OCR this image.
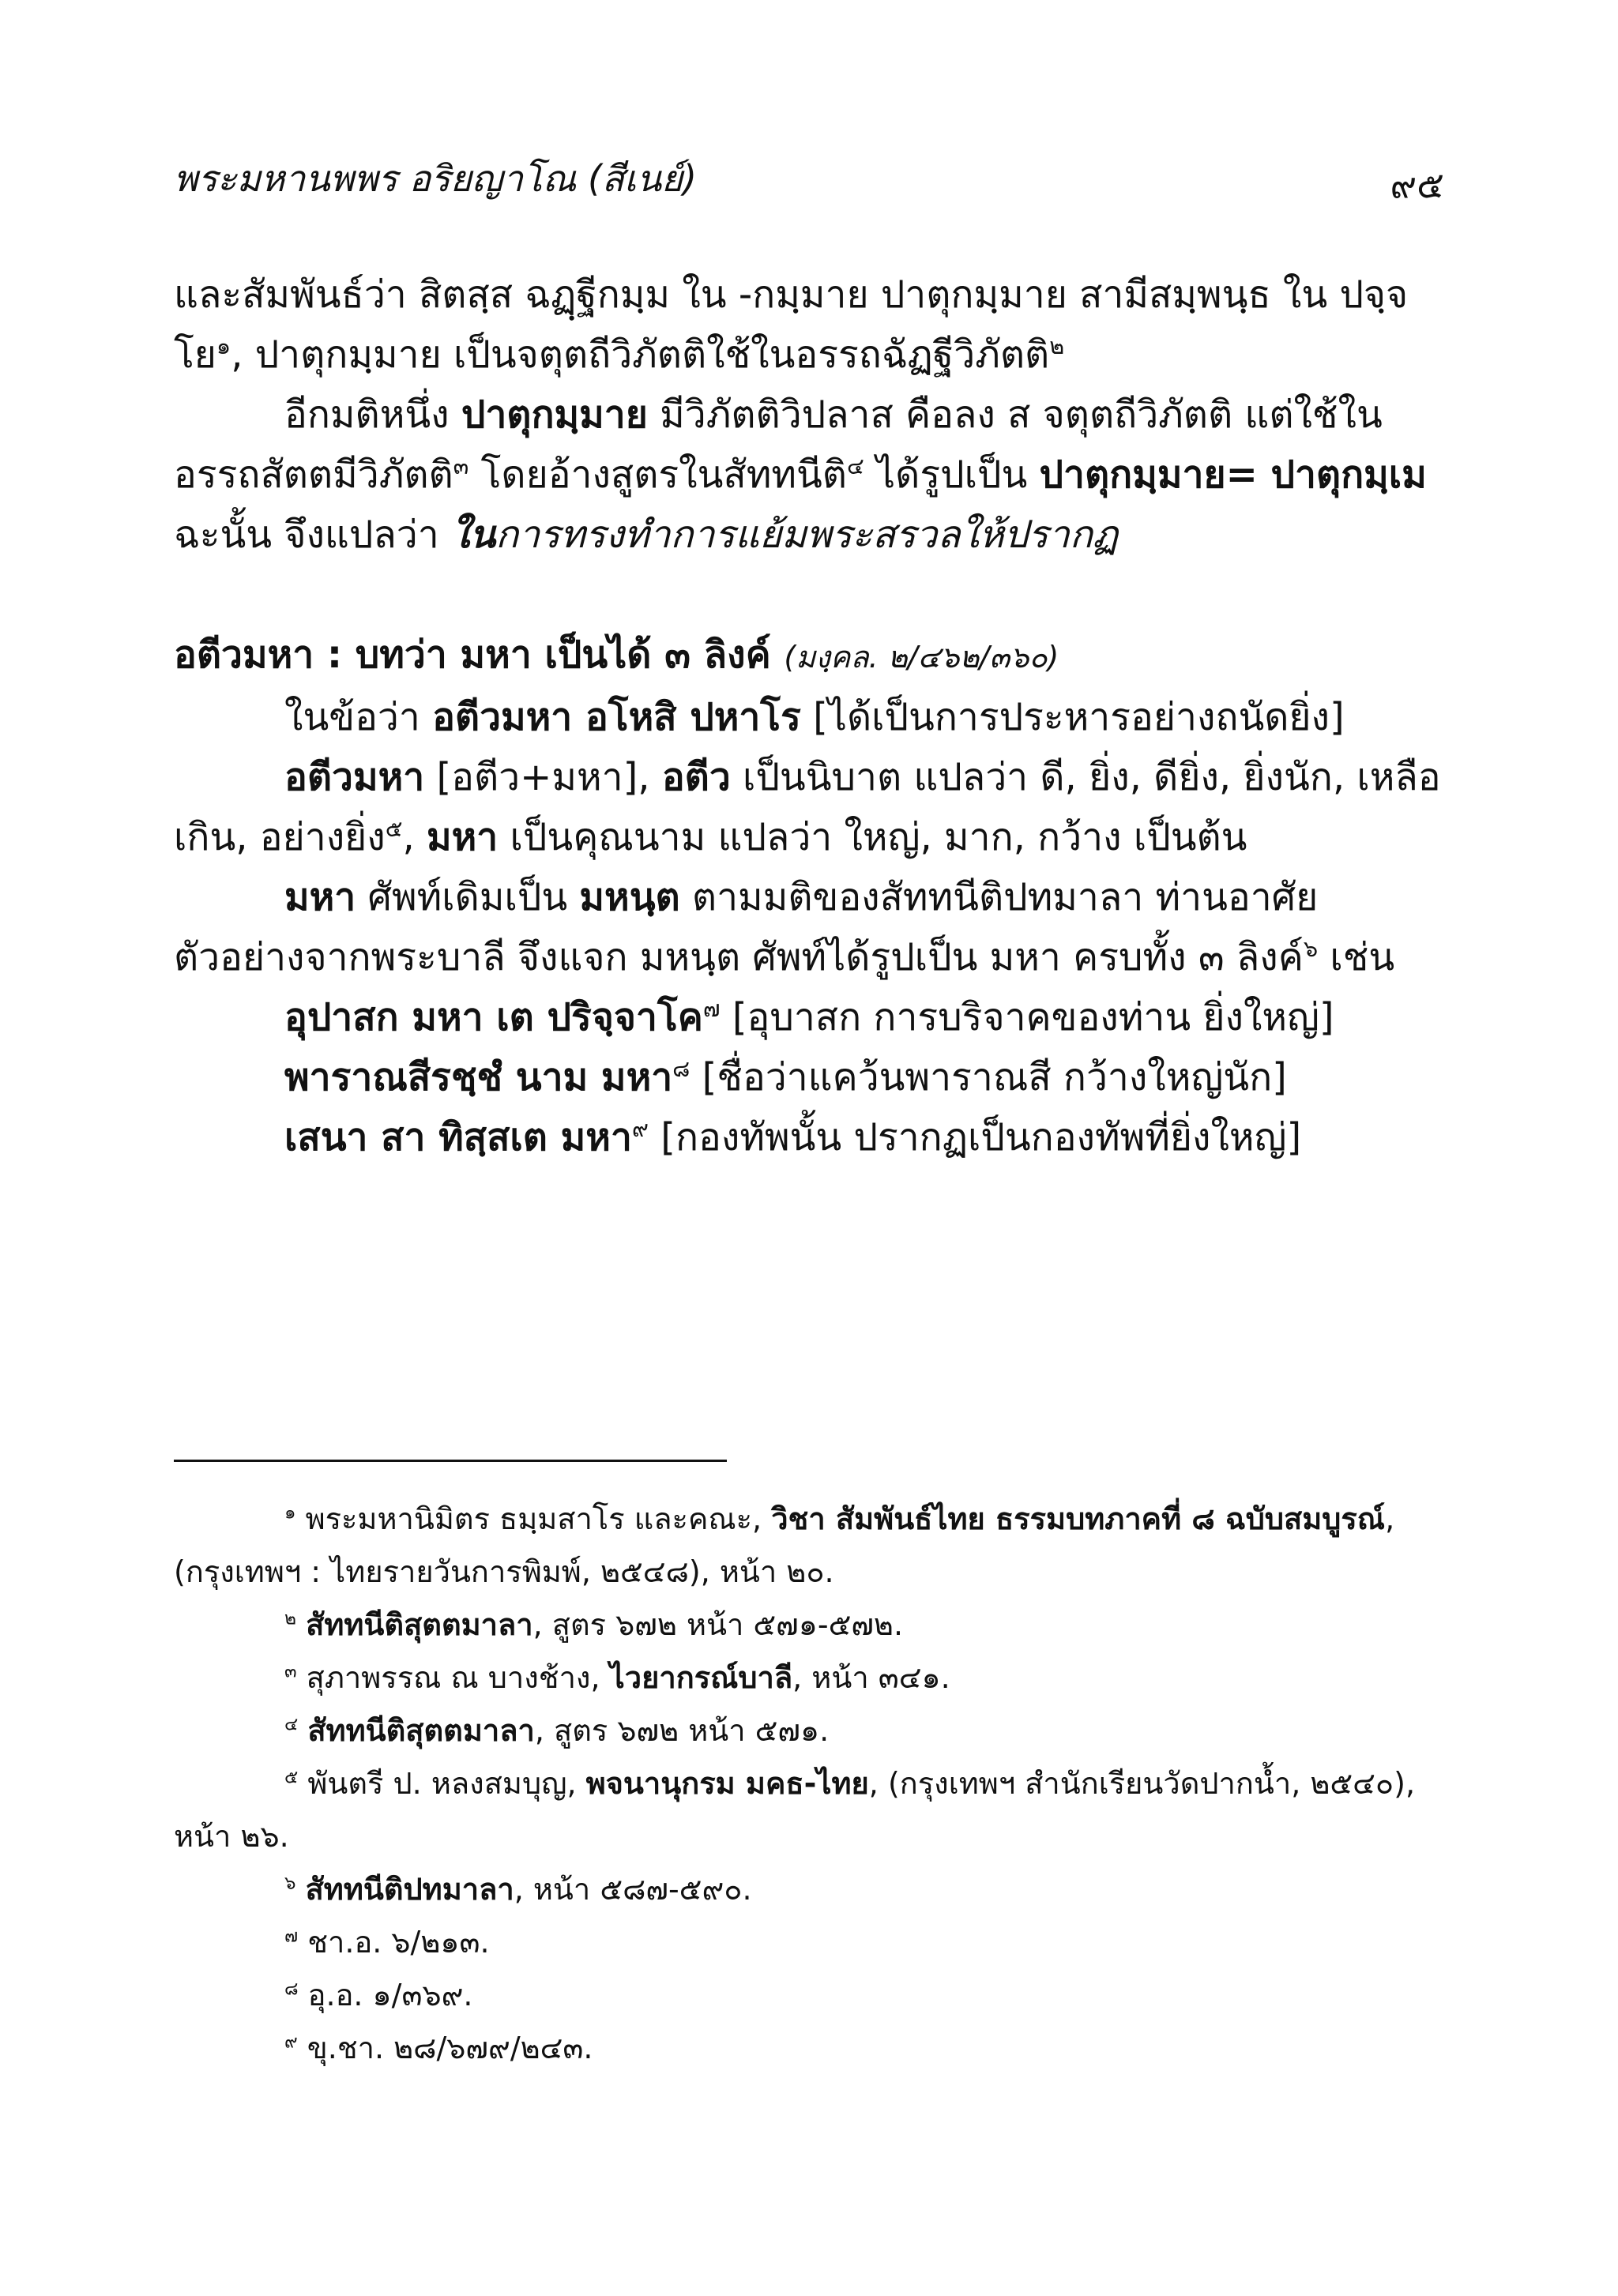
พระมหานพพร อริยญาโณ (สีเนย์)	๙๕

และสัมพันธ์ว่า สิตสฺส ฉฏฺฐีกมฺม ใน -กมฺมาย ปาตุกมฺมาย สามีสมฺพนฺธ ใน ปจฺจโย$^๑$, ปาตุกมฺมาย เป็นจตุตถีวิภัตติใช้ในอรรถฉัฏฐีวิภัตติ$^๒$

อีกมติหนึ่ง ปาตุกมฺมาย มีวิภัตติวิปลาส คือลง ส จตุตถีวิภัตติ แต่ใช้ในอรรถสัตตมีวิภัตติ$^๓$ โดยอ้างสูตรในสัททนีติ$^๔$ ได้รูปเป็น ปาตุกมฺมาย= ปาตุกมฺเม ฉะนั้น จึงแปลว่า ในการทรงทำการแย้มพระสรวลให้ปรากฏ

อตีวมหา : บทว่า มหา เป็นได้ ๓ ลิงค์ (มงฺคล. ๒/๔๖๒/๓๖๐)

ในข้อว่า อตีวมหา อโหสิ ปหาโร [ได้เป็นการประหารอย่างถนัดยิ่ง]

อตีวมหา [อตีว+มหา], อตีว เป็นนิบาต แปลว่า ดี, ยิ่ง, ดียิ่ง, ยิ่งนัก, เหลือเกิน, อย่างยิ่ง$^๕$, มหา เป็นคุณนาม แปลว่า ใหญ่, มาก, กว้าง เป็นต้น

มหา ศัพท์เดิมเป็น มหนฺต ตามมติของสัททนีติปทมาลา ท่านอาศัยตัวอย่างจากพระบาลี จึงแจก มหนฺต ศัพท์ได้รูปเป็น มหา ครบทั้ง ๓ ลิงค์$^๖$ เช่น

อุปาสก มหา เต ปริจฺจาโค$^๗$ [อุบาสก การบริจาคของท่าน ยิ่งใหญ่]

พาราณสีรชฺชํ นาม มหา$^๘$ [ชื่อว่าแคว้นพาราณสี กว้างใหญ่นัก]

เสนา สา ทิสฺสเต มหา$^๙$ [กองทัพนั้น ปรากฏเป็นกองทัพที่ยิ่งใหญ่]

$^๑$ พระมหานิมิตร ธมฺมสาโร และคณะ, วิชา สัมพันธ์ไทย ธรรมบทภาคที่ ๘ ฉบับสมบูรณ์, (กรุงเทพฯ : ไทยรายวันการพิมพ์, ๒๕๔๘), หน้า ๒๐.

$^๒$ สัททนีติสุตตมาลา, สูตร ๖๗๒ หน้า ๕๗๑-๕๗๒.

$^๓$ สุภาพรรณ ณ บางช้าง, ไวยากรณ์บาลี, หน้า ๓๔๑.

$^๔$ สัททนีติสุตตมาลา, สูตร ๖๗๒ หน้า ๕๗๑.

$^๕$ พันตรี ป. หลงสมบุญ, พจนานุกรม มคธ-ไทย, (กรุงเทพฯ สำนักเรียนวัดปากน้ำ, ๒๕๔๐), หน้า ๒๖.

$^๖$ สัททนีติปทมาลา, หน้า ๕๘๗-๕๙๐.

$^๗$ ชา.อ. ๖/๒๑๓.

$^๘$ อุ.อ. ๑/๓๖๙.

$^๙$ ขุ.ชา. ๒๘/๖๗๙/๒๔๓.
